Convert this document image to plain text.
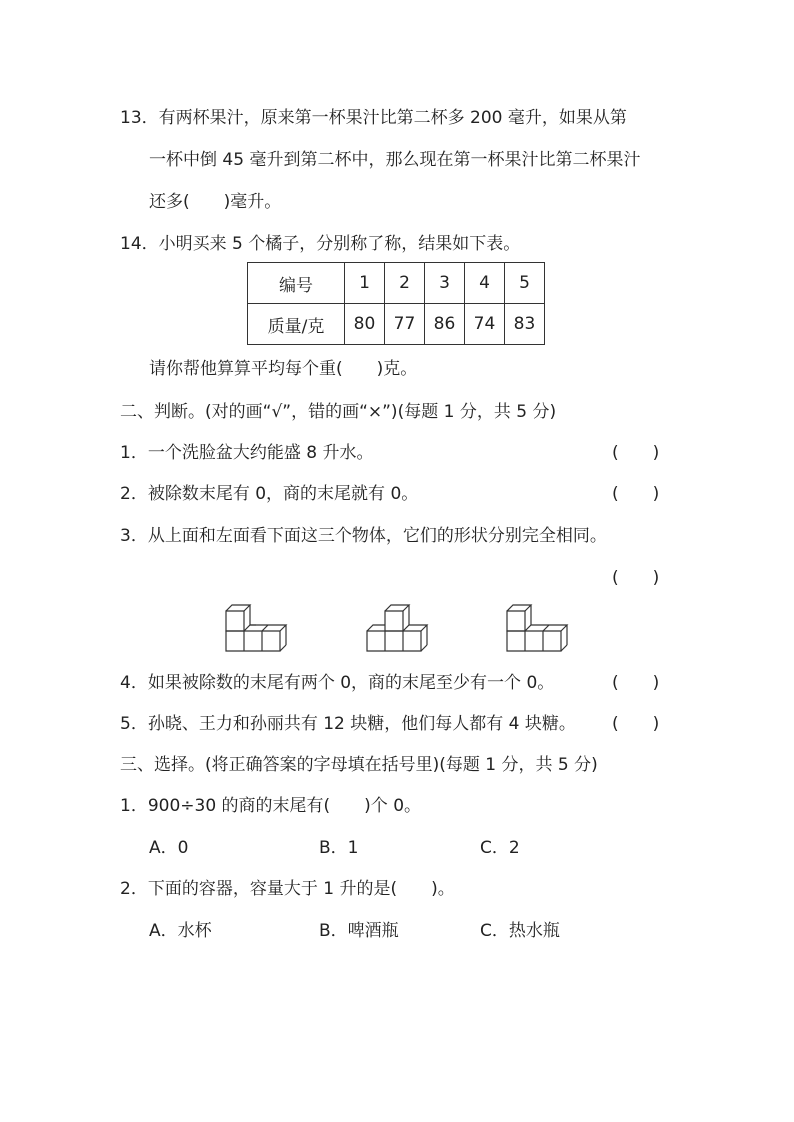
13．有两杯果汁，原来第一杯果汁比第二杯多 200 毫升，如果从第
一杯中倒 45 毫升到第二杯中，那么现在第一杯果汁比第二杯果汁
还多(　　)毫升。
14．小明买来 5 个橘子，分别称了称，结果如下表。
编号	1	2	3	4	5
质量/克	80	77	86	74	83
请你帮他算算平均每个重(　　)克。
二、判断。(对的画“√”，错的画“×”)(每题 1 分，共 5 分)
1．一个洗脸盆大约能盛 8 升水。	(　　)
2．被除数末尾有 0，商的末尾就有 0。	(　　)
3．从上面和左面看下面这三个物体，它们的形状分别完全相同。
(　　)
4．如果被除数的末尾有两个 0，商的末尾至少有一个 0。	(　　)
5．孙晓、王力和孙丽共有 12 块糖，他们每人都有 4 块糖。 (　　)
三、选择。(将正确答案的字母填在括号里)(每题 1 分，共 5 分)
1．900÷30 的商的末尾有(　　)个 0。
A．0	B．1	C．2
2．下面的容器，容量大于 1 升的是(　　)。
A．水杯	B．啤酒瓶	C．热水瓶
